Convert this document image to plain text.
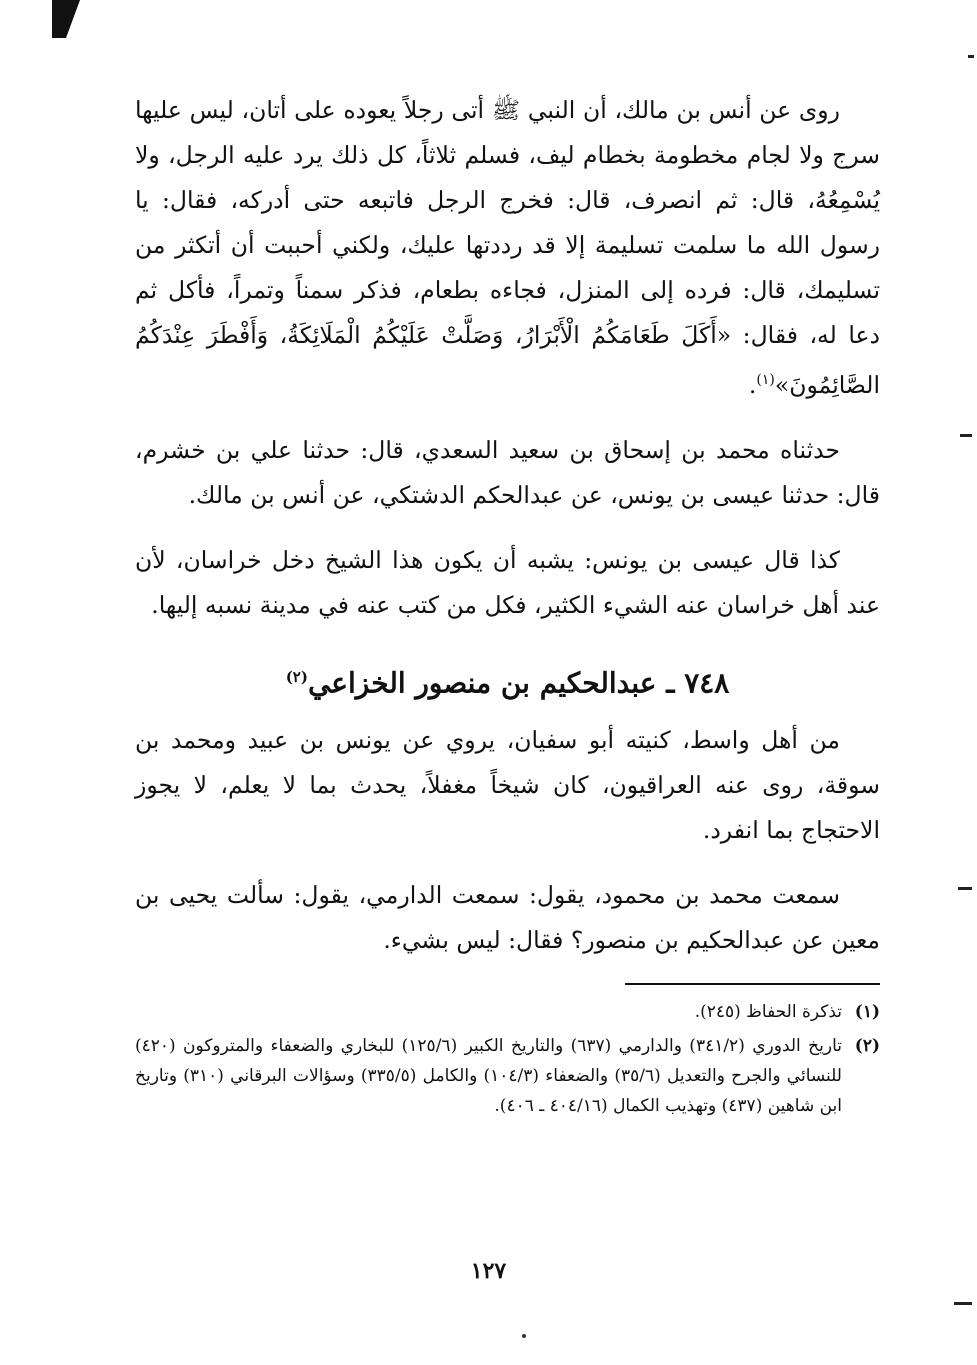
روى عن أنس بن مالك، أن النبي ﷺ أتى رجلاً يعوده على أتان، ليس عليها سرج ولا لجام مخطومة بخطام ليف، فسلم ثلاثاً، كل ذلك يرد عليه الرجل، ولا يُسْمِعُهُ، قال: ثم انصرف، قال: فخرج الرجل فاتبعه حتى أدركه، فقال: يا رسول الله ما سلمت تسليمة إلا قد رددتها عليك، ولكني أحببت أن أتكثر من تسليمك، قال: فرده إلى المنزل، فجاءه بطعام، فذكر سمناً وتمراً، فأكل ثم دعا له، فقال: «أَكَلَ طَعَامَكُمُ الْأَبْرَارُ، وَصَلَّتْ عَلَيْكُمُ الْمَلَائِكَةُ، وَأَفْطَرَ عِنْدَكُمُ الصَّائِمُونَ»$^{(١)}$.

حدثناه محمد بن إسحاق بن سعيد السعدي، قال: حدثنا علي بن خشرم، قال: حدثنا عيسى بن يونس، عن عبدالحكم الدشتكي، عن أنس بن مالك.

كذا قال عيسى بن يونس: يشبه أن يكون هذا الشيخ دخل خراسان، لأن عند أهل خراسان عنه الشيء الكثير، فكل من كتب عنه في مدينة نسبه إليها.

٧٤٨ ـ عبدالحكيم بن منصور الخزاعي$^{(٢)}$

من أهل واسط، كنيته أبو سفيان، يروي عن يونس بن عبيد ومحمد بن سوقة، روى عنه العراقيون، كان شيخاً مغفلاً، يحدث بما لا يعلم، لا يجوز الاحتجاج بما انفرد.

سمعت محمد بن محمود، يقول: سمعت الدارمي، يقول: سألت يحيى بن معين عن عبدالحكيم بن منصور؟ فقال: ليس بشيء.

(١)
تذكرة الحفاظ (٢٤٥).
(٢)
تاريخ الدوري (٣٤١/٢) والدارمي (٦٣٧) والتاريخ الكبير (١٢٥/٦) للبخاري والضعفاء والمتروكون (٤٢٠) للنسائي والجرح والتعديل (٣٥/٦) والضعفاء (١٠٤/٣) والكامل (٣٣٥/٥) وسؤالات البرقاني (٣١٠) وتاريخ ابن شاهين (٤٣٧) وتهذيب الكمال (٤٠٤/١٦ ـ ٤٠٦).
١٢٧
